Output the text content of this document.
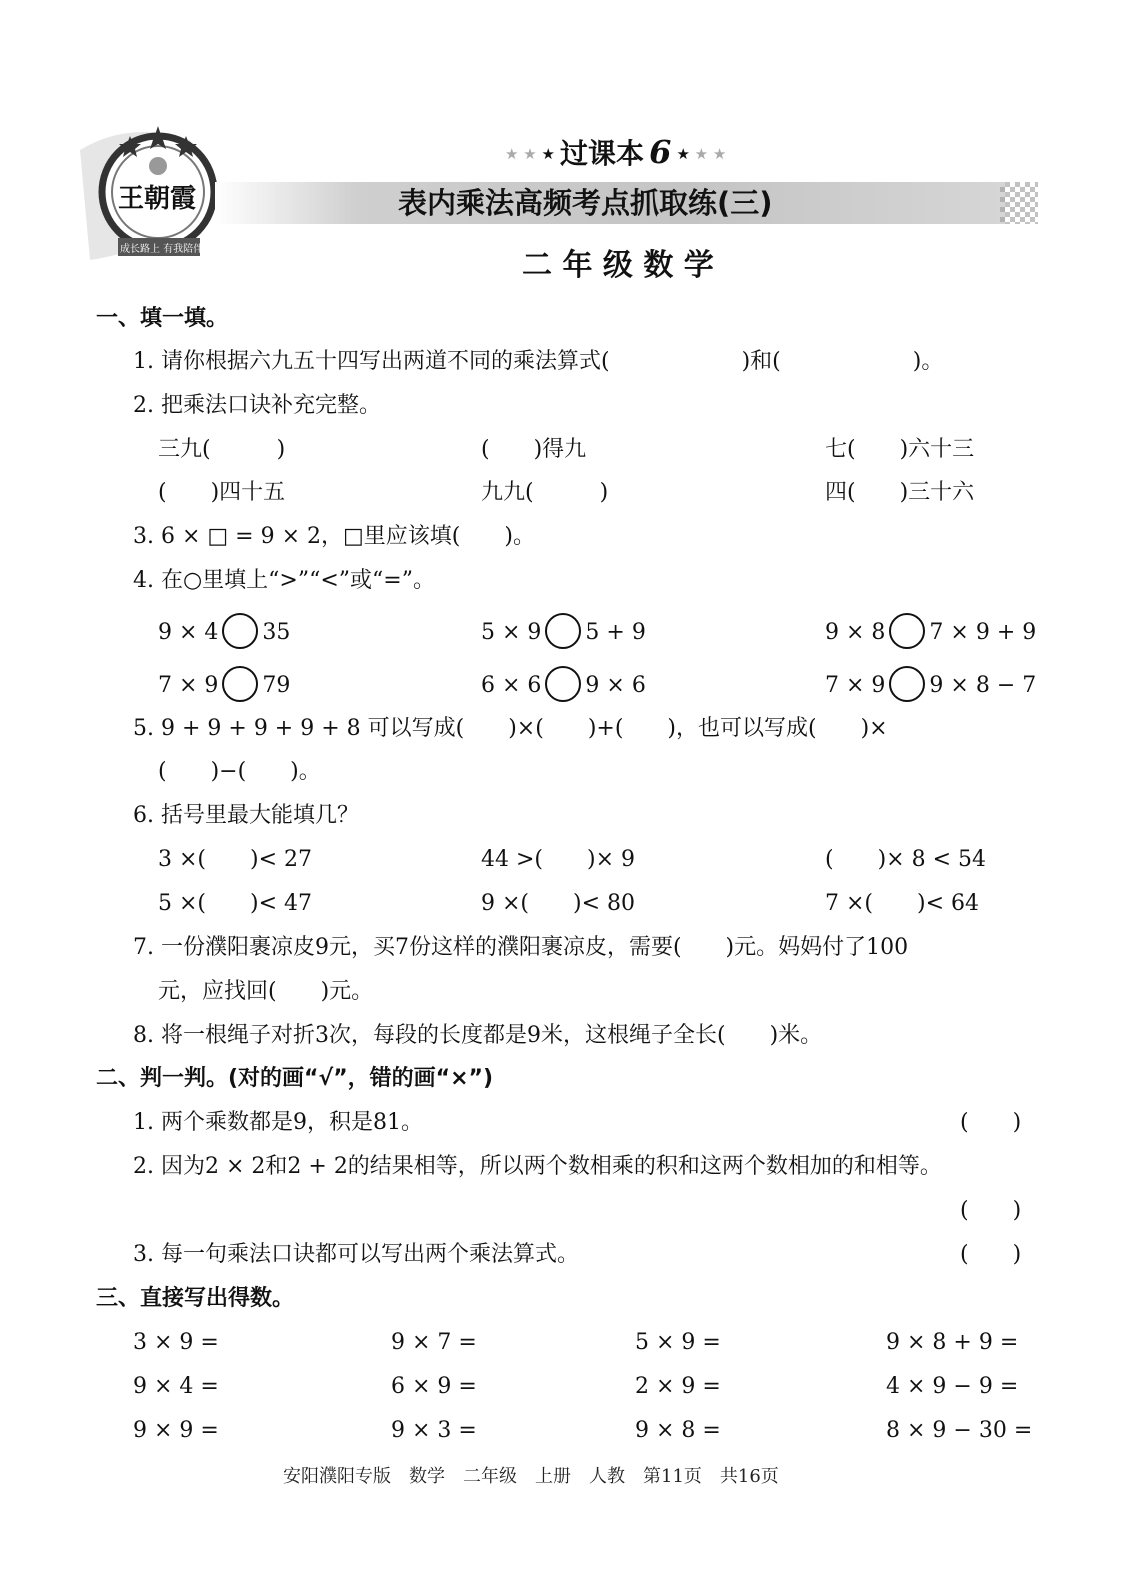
王朝霞
成长路上 有我陪伴
★ ★ ★ 过课本 6 ★ ★ ★
表内乘法高频考点抓取练(三)
二 年 级 数 学
一、填一填。
1. 请你根据六九五十四写出两道不同的乘法算式(　　　　　　)和(　　　　　　)。
2. 把乘法口诀补充完整。
三九(　　　)	(　　)得九	七(　　)六十三
(　　)四十五	九九(　　　)	四(　　)三十六
3. 6 × □ = 9 × 2，□里应该填(　　)。
4. 在○里填上“>”“<”或“=”。
9 × 4 35	5 × 9 5 + 9	9 × 8 7 × 9 + 9
7 × 9 79	6 × 6 9 × 6	7 × 9 9 × 8 − 7
5. 9 + 9 + 9 + 9 + 8 可以写成(　　)×(　　)+(　　)，也可以写成(　　)×
(　　)−(　　)。
6. 括号里最大能填几？
3 ×(　　)< 27	44 >(　　)× 9	(　　)× 8 < 54
5 ×(　　)< 47	9 ×(　　)< 80	7 ×(　　)< 64
7. 一份濮阳裹凉皮9元，买7份这样的濮阳裹凉皮，需要(　　)元。妈妈付了100
元，应找回(　　)元。
8. 将一根绳子对折3次，每段的长度都是9米，这根绳子全长(　　)米。
二、判一判。(对的画“√”，错的画“×”)
1. 两个乘数都是9，积是81。	(　　)
2. 因为2 × 2和2 + 2的结果相等，所以两个数相乘的积和这两个数相加的和相等。
(　　)
3. 每一句乘法口诀都可以写出两个乘法算式。	(　　)
三、直接写出得数。
3 × 9 =	9 × 7 =	5 × 9 =	9 × 8 + 9 =
9 × 4 =	6 × 9 =	2 × 9 =	4 × 9 − 9 =
9 × 9 =	9 × 3 =	9 × 8 =	8 × 9 − 30 =
安阳濮阳专版　数学　二年级　上册　人教　第11页　共16页
